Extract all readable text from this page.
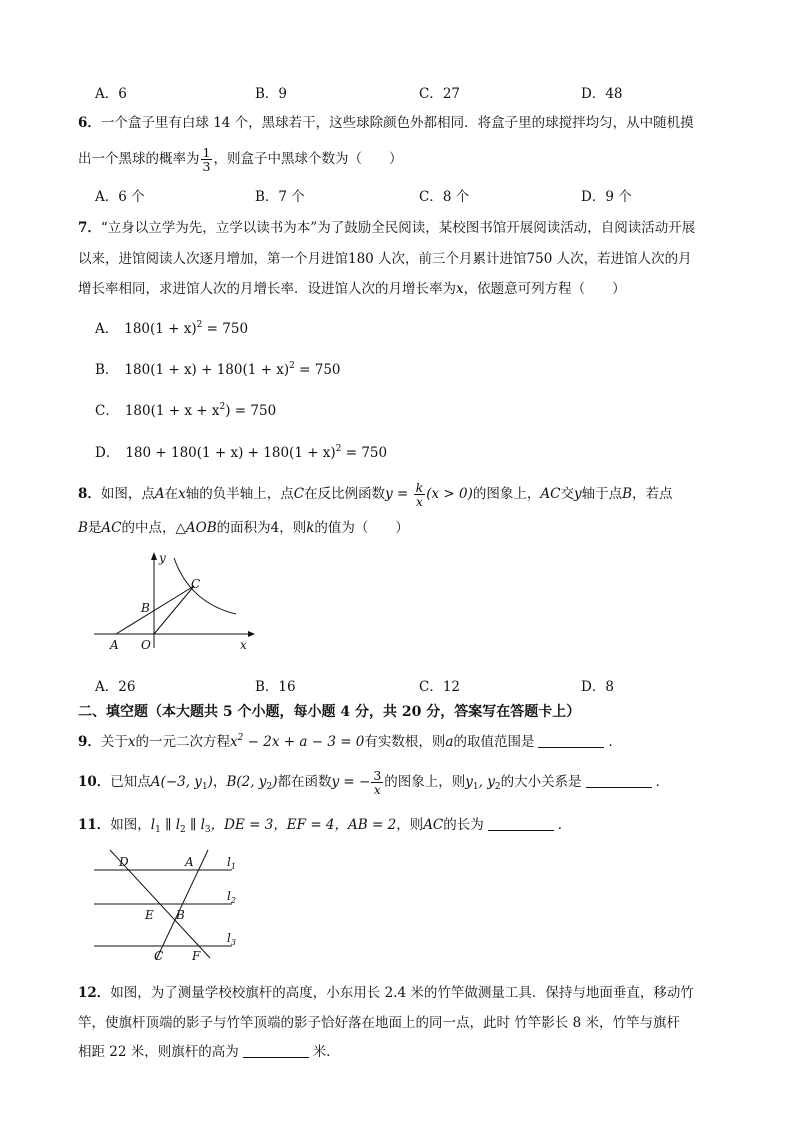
A．6	B．9	C．27	D．48
6．一个盒子里有白球 14 个，黑球若干，这些球除颜色外都相同．将盒子里的球搅拌均匀，从中随机摸
出一个黑球的概率为 $\frac{1}{3}$ ，则盒子中黑球个数为（　　）
A．6 个	B．7 个	C．8 个	D．9 个
7．“立身以立学为先，立学以读书为本”为了鼓励全民阅读，某校图书馆开展阅读活动，自阅读活动开展
以来，进馆阅读人次逐月增加，第一个月进馆180 人次，前三个月累计进馆750 人次，若进馆人次的月
增长率相同，求进馆人次的月增长率．设进馆人次的月增长率为x，依题意可列方程（　　）
A． $180(1 + x)^2 = 750$
B． $180(1 + x) + 180(1 + x)^2 = 750$
C． $180(1 + x + x^2) = 750$
D． $180 + 180(1 + x) + 180(1 + x)^2 = 750$
8．如图，点A在x轴的负半轴上，点C在反比例函数$y = \frac{k}{x} (x > 0)$的图象上，AC交y轴于点B，若点
B是AC的中点，△AOB的面积为4，则k的值为（　　）
y
x
O
A
B
C
A．26	B．16	C．12	D．8
二、填空题（本大题共 5 个小题，每小题 4 分，共 20 分，答案写在答题卡上）
9．关于x的一元二次方程$x^2 - 2x + a - 3 = 0$有实数根，则a的取值范围是	．
10．已知点A(−3, $y_1$)，B(2, $y_2$)都在函数y = − $\frac{3}{x}$ 的图象上，则$y_1$, $y_2$的大小关系是	．
11．如图，$l_1$ ∥ $l_2$ ∥ $l_3$，DE = 3，EF = 4，AB = 2，则AC的长为	．
D	A
E B
C F
$l_1$
$l_2$
$l_3$
12．如图，为了测量学校校旗杆的高度，小东用长 2.4 米的竹竿做测量工具．保持与地面垂直，移动竹
竿，使旗杆顶端的影子与竹竿顶端的影子恰好落在地面上的同一点，此时 竹竿影长 8 米，竹竿与旗杆
相距 22 米，则旗杆的高为	米．
